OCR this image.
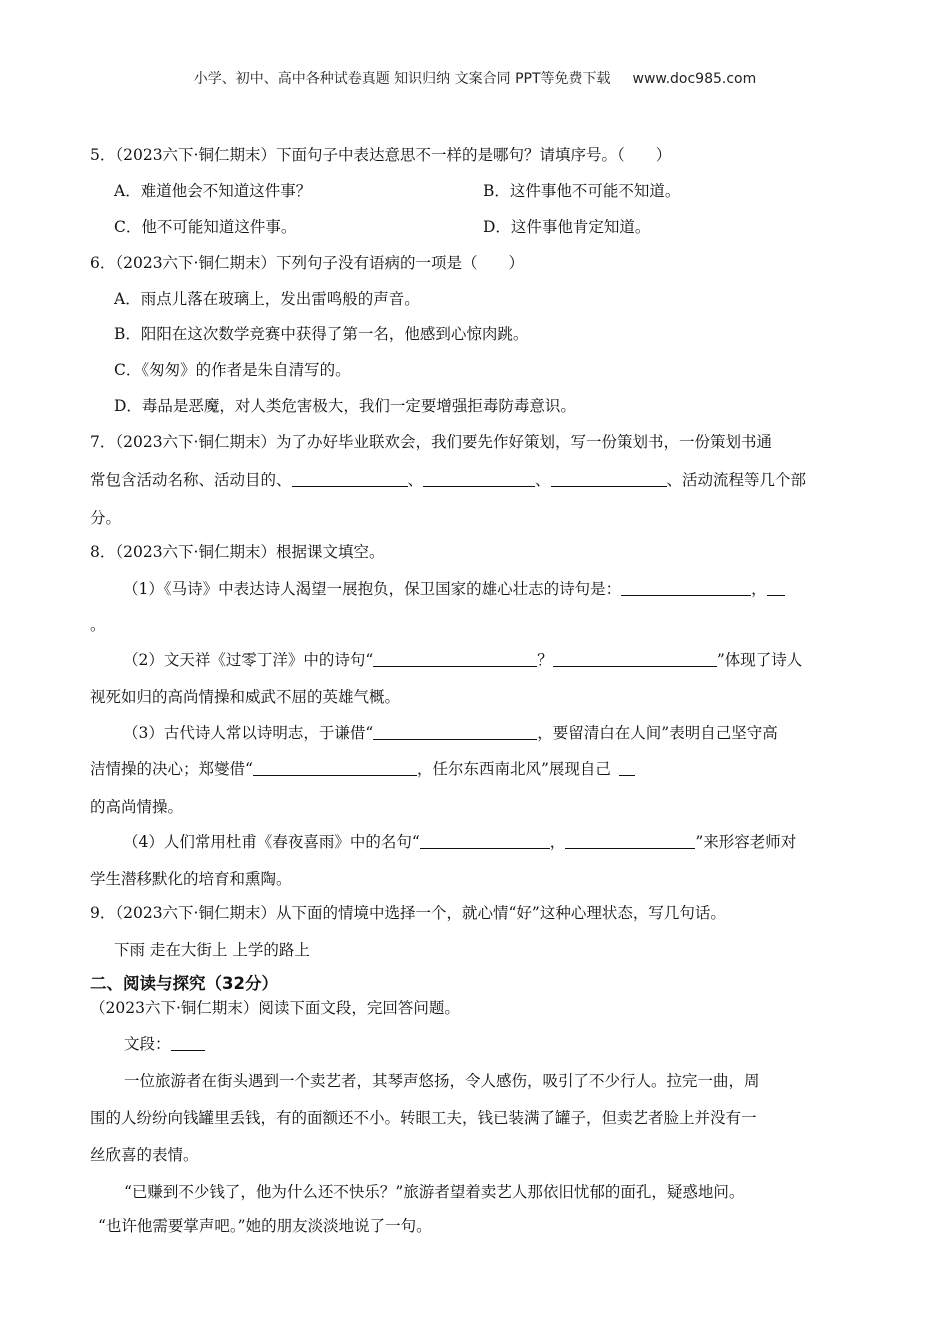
小学、初中、高中各种试卷真题 知识归纳 文案合同 PPT等免费下载 www.doc985.com
5．（2023六下·铜仁期末）下面句子中表达意思不一样的是哪句？请填序号。（　　）
A．难道他会不知道这件事？	B．这件事他不可能不知道。
C．他不可能知道这件事。	D．这件事他肯定知道。
6．（2023六下·铜仁期末）下列句子没有语病的一项是（　　）
A．雨点儿落在玻璃上，发出雷鸣般的声音。
B．阳阳在这次数学竞赛中获得了第一名，他感到心惊肉跳。
C．《匆匆》的作者是朱自清写的。
D．毒品是恶魔，对人类危害极大，我们一定要增强拒毒防毒意识。
7．（2023六下·铜仁期末）为了办好毕业联欢会，我们要先作好策划，写一份策划书，一份策划书通
常包含活动名称、活动目的、	、	、	、活动流程等几个部
分。
8．（2023六下·铜仁期末）根据课文填空。
（1）《马诗》中表达诗人渴望一展抱负，保卫国家的雄心壮志的诗句是：	，
。
（2）文天祥《过零丁洋》中的诗句“	？	”体现了诗人
视死如归的高尚情操和威武不屈的英雄气概。
（3）古代诗人常以诗明志，于谦借“	，要留清白在人间”表明自己坚守高
洁情操的决心；郑燮借“	，任尔东西南北风”展现自己
的高尚情操。
（4）人们常用杜甫《春夜喜雨》中的名句“	，	”来形容老师对
学生潜移默化的培育和熏陶。
9．（2023六下·铜仁期末）从下面的情境中选择一个，就心情“好”这种心理状态，写几句话。
下雨 走在大街上 上学的路上
二、阅读与探究（32分）
（2023六下·铜仁期末）阅读下面文段，完回答问题。
文段：
一位旅游者在街头遇到一个卖艺者，其琴声悠扬，令人感伤，吸引了不少行人。拉完一曲，周
围的人纷纷向钱罐里丢钱，有的面额还不小。转眼工夫，钱已装满了罐子，但卖艺者脸上并没有一
丝欣喜的表情。
“已赚到不少钱了，他为什么还不快乐？”旅游者望着卖艺人那依旧忧郁的面孔，疑惑地问。
“也许他需要掌声吧。”她的朋友淡淡地说了一句。
